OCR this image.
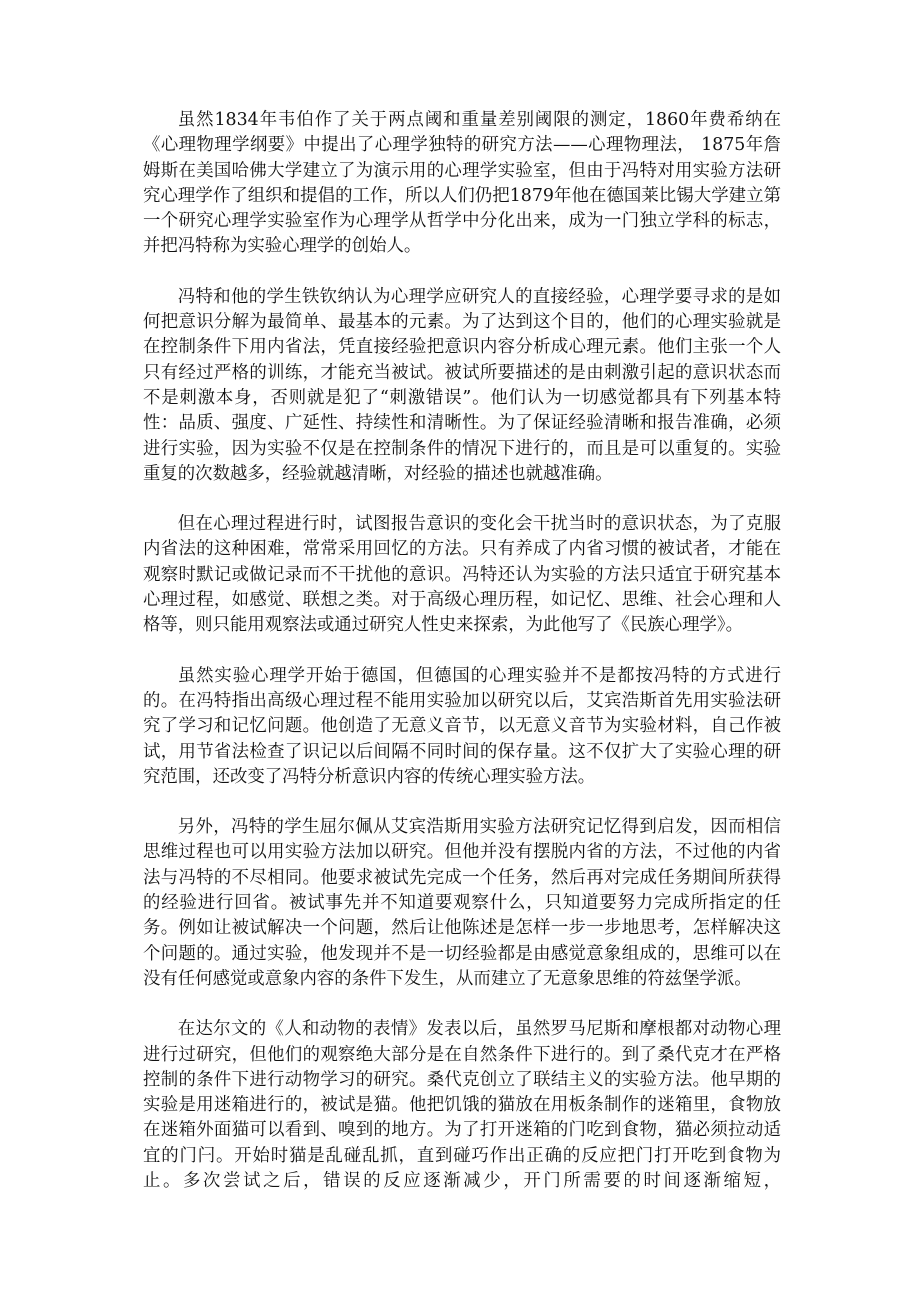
虽然1834年韦伯作了关于两点阈和重量差别阈限的测定，1860年费希纳在《心理物理学纲要》中提出了心理学独特的研究方法——心理物理法， 1875年詹姆斯在美国哈佛大学建立了为演示用的心理学实验室，但由于冯特对用实验方法研究心理学作了组织和提倡的工作，所以人们仍把1879年他在德国莱比锡大学建立第一个研究心理学实验室作为心理学从哲学中分化出来，成为一门独立学科的标志，并把冯特称为实验心理学的创始人。

冯特和他的学生铁钦纳认为心理学应研究人的直接经验，心理学要寻求的是如何把意识分解为最简单、最基本的元素。为了达到这个目的，他们的心理实验就是在控制条件下用内省法，凭直接经验把意识内容分析成心理元素。他们主张一个人只有经过严格的训练，才能充当被试。被试所要描述的是由刺激引起的意识状态而不是刺激本身，否则就是犯了“刺激错误”。他们认为一切感觉都具有下列基本特性：品质、强度、广延性、持续性和清晰性。为了保证经验清晰和报告准确，必须进行实验，因为实验不仅是在控制条件的情况下进行的，而且是可以重复的。实验重复的次数越多，经验就越清晰，对经验的描述也就越准确。

但在心理过程进行时，试图报告意识的变化会干扰当时的意识状态，为了克服内省法的这种困难，常常采用回忆的方法。只有养成了内省习惯的被试者，才能在观察时默记或做记录而不干扰他的意识。冯特还认为实验的方法只适宜于研究基本心理过程，如感觉、联想之类。对于高级心理历程，如记忆、思维、社会心理和人格等，则只能用观察法或通过研究人性史来探索，为此他写了《民族心理学》。

虽然实验心理学开始于德国，但德国的心理实验并不是都按冯特的方式进行的。在冯特指出高级心理过程不能用实验加以研究以后，艾宾浩斯首先用实验法研究了学习和记忆问题。他创造了无意义音节，以无意义音节为实验材料，自己作被试，用节省法检查了识记以后间隔不同时间的保存量。这不仅扩大了实验心理的研究范围，还改变了冯特分析意识内容的传统心理实验方法。

另外，冯特的学生屈尔佩从艾宾浩斯用实验方法研究记忆得到启发，因而相信思维过程也可以用实验方法加以研究。但他并没有摆脱内省的方法，不过他的内省法与冯特的不尽相同。他要求被试先完成一个任务，然后再对完成任务期间所获得的经验进行回省。被试事先并不知道要观察什么，只知道要努力完成所指定的任务。例如让被试解决一个问题，然后让他陈述是怎样一步一步地思考，怎样解决这个问题的。通过实验，他发现并不是一切经验都是由感觉意象组成的，思维可以在没有任何感觉或意象内容的条件下发生，从而建立了无意象思维的符兹堡学派。

在达尔文的《人和动物的表情》发表以后，虽然罗马尼斯和摩根都对动物心理进行过研究，但他们的观察绝大部分是在自然条件下进行的。到了桑代克才在严格控制的条件下进行动物学习的研究。桑代克创立了联结主义的实验方法。他早期的实验是用迷箱进行的，被试是猫。他把饥饿的猫放在用板条制作的迷箱里，食物放在迷箱外面猫可以看到、嗅到的地方。为了打开迷箱的门吃到食物，猫必须拉动适宜的门闩。开始时猫是乱碰乱抓，直到碰巧作出正确的反应把门打开吃到食物为止。多次尝试之后，错误的反应逐渐减少，开门所需要的时间逐渐缩短，
